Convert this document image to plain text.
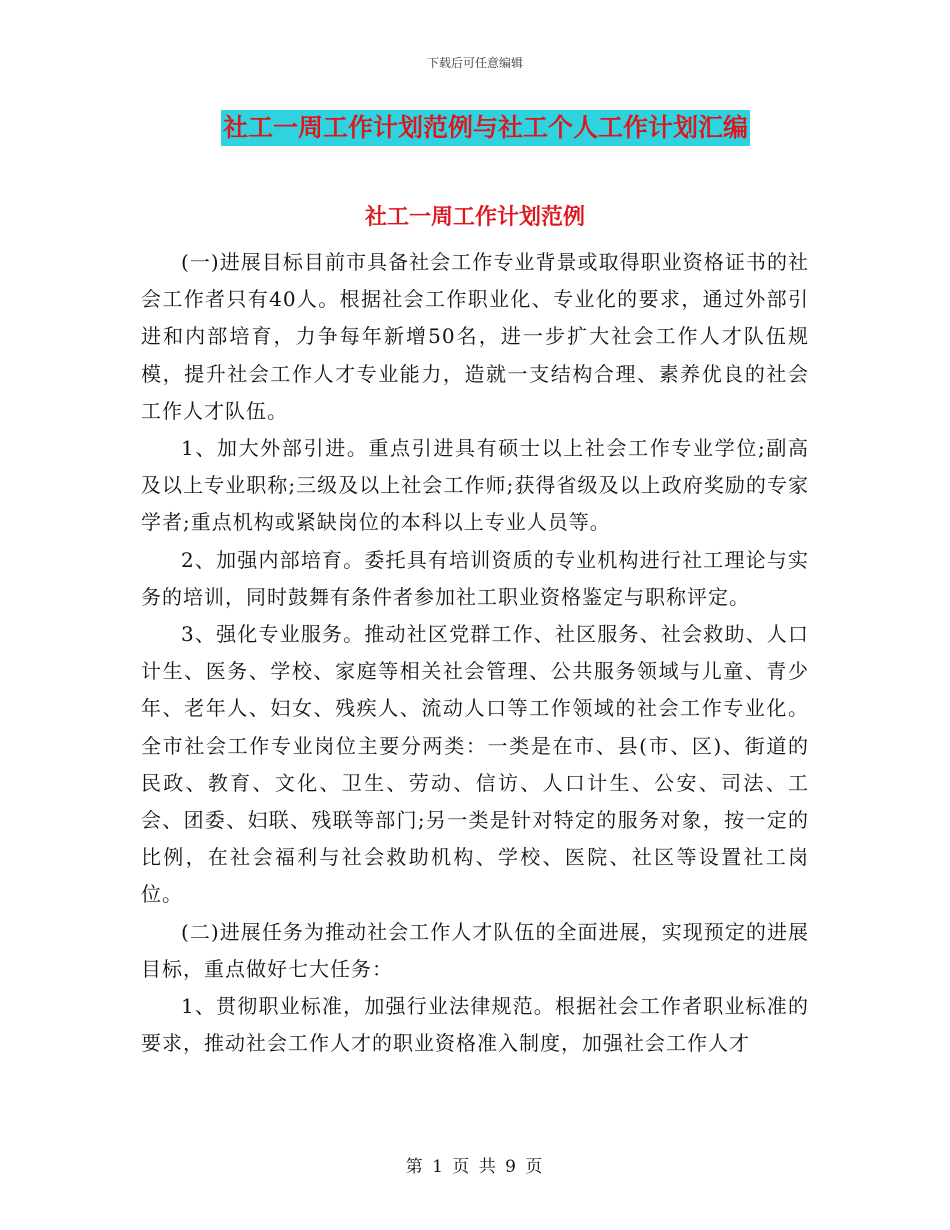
下载后可任意编辑
社工一周工作计划范例与社工个人工作计划汇编
社工一周工作计划范例

(一)进展目标目前市具备社会工作专业背景或取得职业资格证书的社会工作者只有40人。根据社会工作职业化、专业化的要求，通过外部引进和内部培育，力争每年新增50名，进一步扩大社会工作人才队伍规模，提升社会工作人才专业能力，造就一支结构合理、素养优良的社会工作人才队伍。

1、加大外部引进。重点引进具有硕士以上社会工作专业学位;副高及以上专业职称;三级及以上社会工作师;获得省级及以上政府奖励的专家学者;重点机构或紧缺岗位的本科以上专业人员等。

2、加强内部培育。委托具有培训资质的专业机构进行社工理论与实务的培训，同时鼓舞有条件者参加社工职业资格鉴定与职称评定。

3、强化专业服务。推动社区党群工作、社区服务、社会救助、人口计生、医务、学校、家庭等相关社会管理、公共服务领域与儿童、青少年、老年人、妇女、残疾人、流动人口等工作领域的社会工作专业化。全市社会工作专业岗位主要分两类：一类是在市、县(市、区)、街道的民政、教育、文化、卫生、劳动、信访、人口计生、公安、司法、工会、团委、妇联、残联等部门;另一类是针对特定的服务对象，按一定的比例，在社会福利与社会救助机构、学校、医院、社区等设置社工岗位。

(二)进展任务为推动社会工作人才队伍的全面进展，实现预定的进展目标，重点做好七大任务：

1、贯彻职业标准，加强行业法律规范。根据社会工作者职业标准的要求，推动社会工作人才的职业资格准入制度，加强社会工作人才

第 1 页 共 9 页
